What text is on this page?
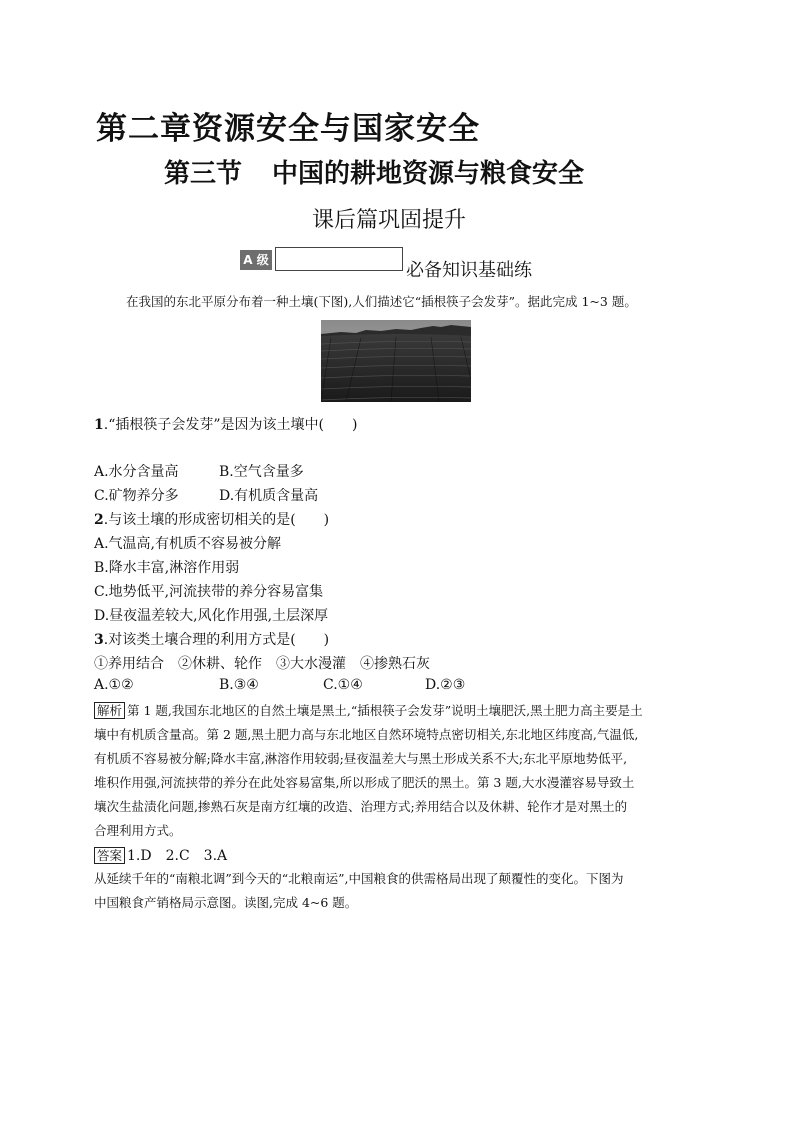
第二章资源安全与国家安全
第三节 中国的耕地资源与粮食安全
课后篇巩固提升
A 级	必备知识基础练
在我国的东北平原分布着一种土壤(下图),人们描述它“插根筷子会发芽”。据此完成 1~3 题。
1.“插根筷子会发芽”是因为该土壤中(　　)
A.水分含量高	B.空气含量多
C.矿物养分多	D.有机质含量高
2.与该土壤的形成密切相关的是(　　)
A.气温高,有机质不容易被分解
B.降水丰富,淋溶作用弱
C.地势低平,河流挟带的养分容易富集
D.昼夜温差较大,风化作用强,土层深厚
3.对该类土壤合理的利用方式是(　　)
①养用结合　②休耕、轮作　③大水漫灌　④掺熟石灰
A.①②	B.③④	C.①④	D.②③
解析 第 1 题,我国东北地区的自然土壤是黑土,“插根筷子会发芽”说明土壤肥沃,黑土肥力高主要是土
壤中有机质含量高。第 2 题,黑土肥力高与东北地区自然环境特点密切相关,东北地区纬度高,气温低,
有机质不容易被分解;降水丰富,淋溶作用较弱;昼夜温差大与黑土形成关系不大;东北平原地势低平,
堆积作用强,河流挟带的养分在此处容易富集,所以形成了肥沃的黑土。第 3 题,大水漫灌容易导致土
壤次生盐渍化问题,掺熟石灰是南方红壤的改造、治理方式;养用结合以及休耕、轮作才是对黑土的
合理利用方式。
答案 1.D　2.C　3.A
从延续千年的“南粮北调”到今天的“北粮南运”,中国粮食的供需格局出现了颠覆性的变化。下图为
中国粮食产销格局示意图。读图,完成 4~6 题。
